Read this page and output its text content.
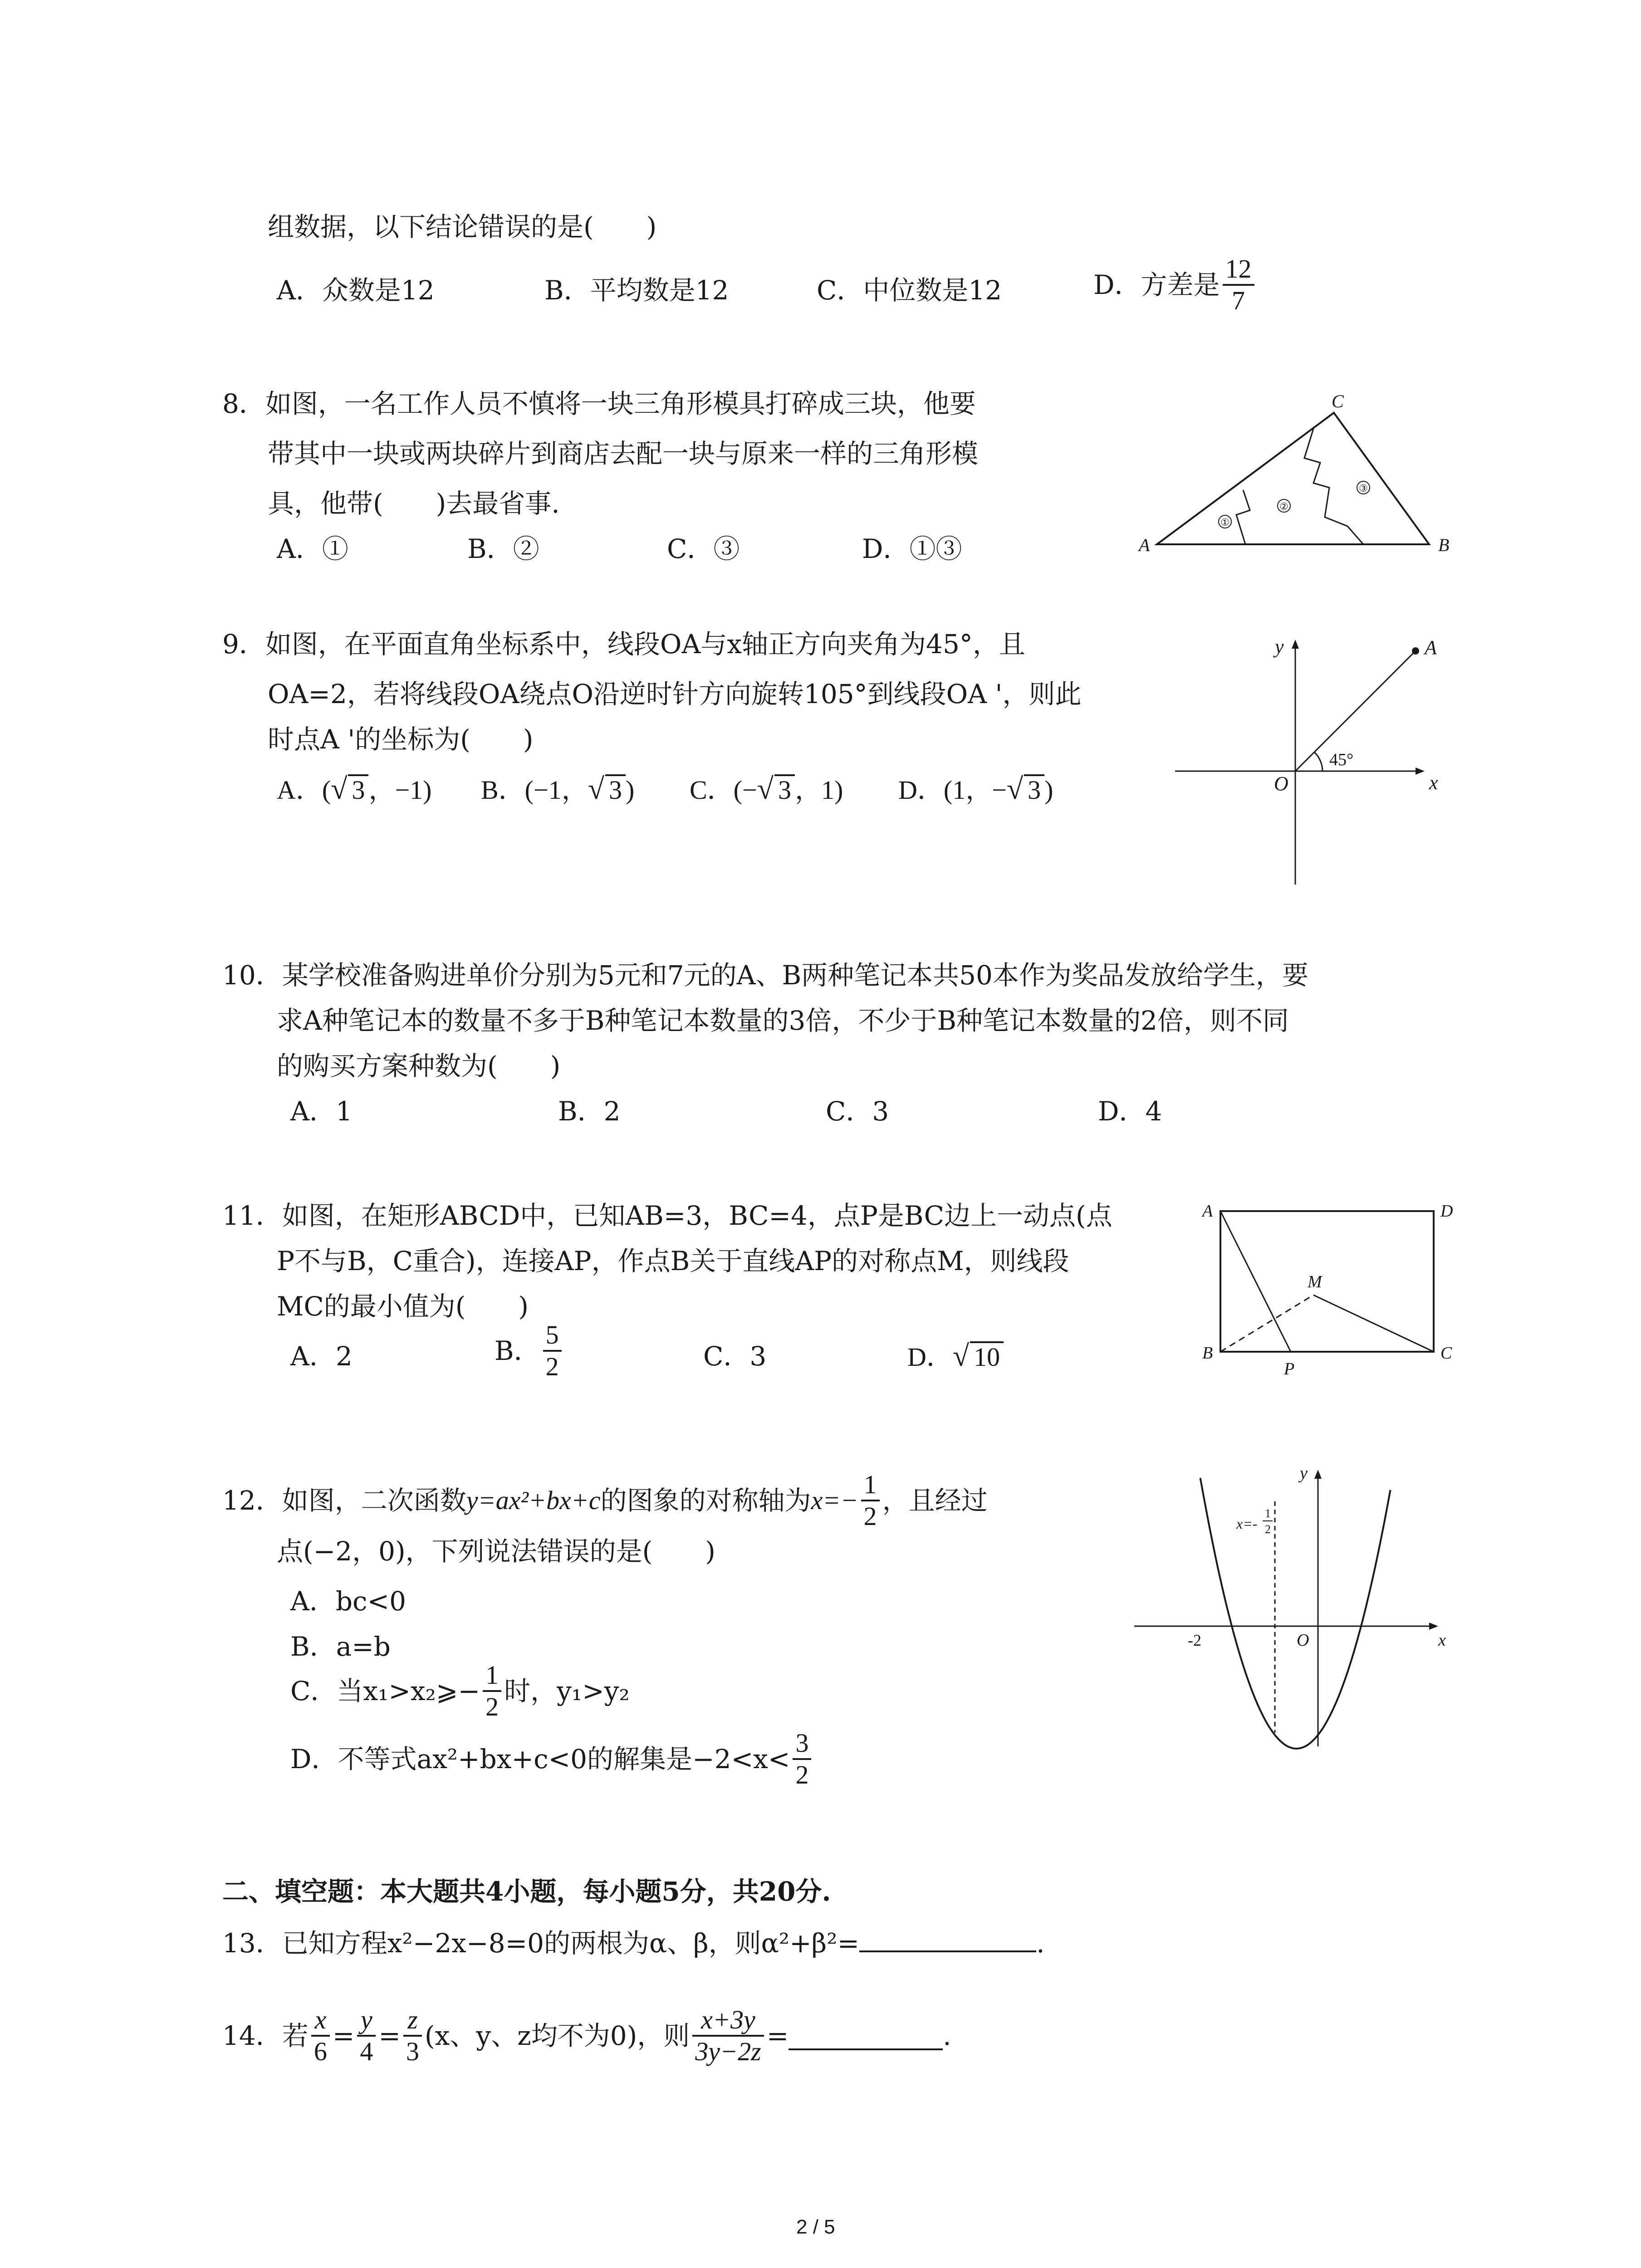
组数据，以下结论错误的是(　　)
A．众数是12	B．平均数是12	C．中位数是12	D．方差是 $\frac{12}{7}$
8．如图，一名工作人员不慎将一块三角形模具打碎成三块，他要
带其中一块或两块碎片到商店去配一块与原来一样的三角形模
具，他带(　　)去最省事.
A．①	B．②	C．③	D．①③
①
②
③
A	B
C
9．如图，在平面直角坐标系中，线段OA与x轴正方向夹角为45°，且
OA=2，若将线段OA绕点O沿逆时针方向旋转105°到线段OA '，则此
时点A '的坐标为(　　)
A．(√ 3 ，−1) B．(−1，√ 3 ) C．(−√ 3 ，1) D．(1，−√ 3 )
45°
y
x
O
A
10．某学校准备购进单价分别为5元和7元的A、B两种笔记本共50本作为奖品发放给学生，要
求A种笔记本的数量不多于B种笔记本数量的3倍，不少于B种笔记本数量的2倍，则不同
的购买方案种数为(　　)
A．1	B．2	C．3	D．4
11．如图，在矩形ABCD中，已知AB=3，BC=4，点P是BC边上一动点(点
P不与B，C重合)，连接AP，作点B关于直线AP的对称点M，则线段
MC的最小值为(　　)
A．2	B． $\frac{5}{2}$	C．3	D．√ 10
A	D
B	C
M
P
12．如图，二次函数y=ax²+bx+c的图象的对称轴为$x=- \frac{1}{2}$ ，且经过
点(−2，0)，下列说法错误的是(　　)
A．bc<0
B．a=b
C．当x₁>x₂⩾− $\frac{1}{2}$ 时，y₁>y₂
D．不等式ax²+bx+c<0的解集是$-2<x< \frac{3}{2}$
y
x
O
-2
x=-
1
2
二、填空题：本大题共4小题，每小题5分，共20分.
13．已知方程x²−2x−8=0的两根为α、β，则α²+β²=	.
14．若 $\frac{x}{6} = \frac{y}{4} = \frac{z}{3} (x$、y、z均不为0)，则 $\frac{x+3y}{3y-2z}$ =	.
2 / 5
